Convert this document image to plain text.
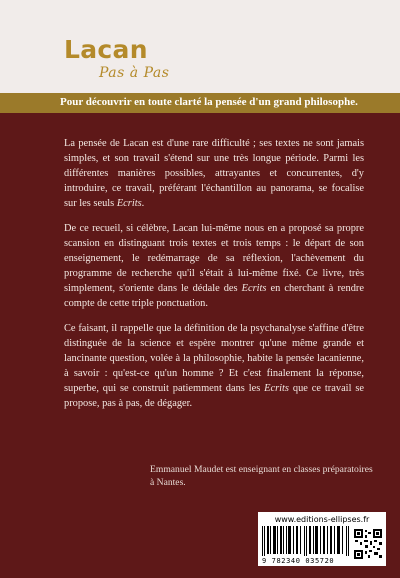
Lacan
Pas à Pas
Pour découvrir en toute clarté la pensée d'un grand philosophe.

La pensée de Lacan est d'une rare difficulté ; ses textes ne sont jamais simples, et son travail s'étend sur une très longue période. Parmi les différentes manières possibles, attrayantes et concurrentes, d'y introduire, ce travail, préférant l'échantillon au panorama, se focalise sur les seuls Ecrits.

De ce recueil, si célèbre, Lacan lui-même nous en a proposé sa propre scansion en distinguant trois textes et trois temps : le départ de son enseignement, le redémarrage de sa réflexion, l'achèvement du programme de recherche qu'il s'était à lui-même fixé. Ce livre, très simplement, s'oriente dans le dédale des Ecrits en cherchant à rendre compte de cette triple ponctuation.

Ce faisant, il rappelle que la définition de la psychanalyse s'affine d'être distinguée de la science et espère montrer qu'une même grande et lancinante question, volée à la philosophie, habite la pensée lacanienne, à savoir : qu'est-ce qu'un homme ? Et c'est finalement la réponse, superbe, qui se construit patiemment dans les Ecrits que ce travail se propose, pas à pas, de dégager.

Emmanuel Maudet est enseignant en classes préparatoires à Nantes.
www.editions-ellipses.fr
9 782340 035720
